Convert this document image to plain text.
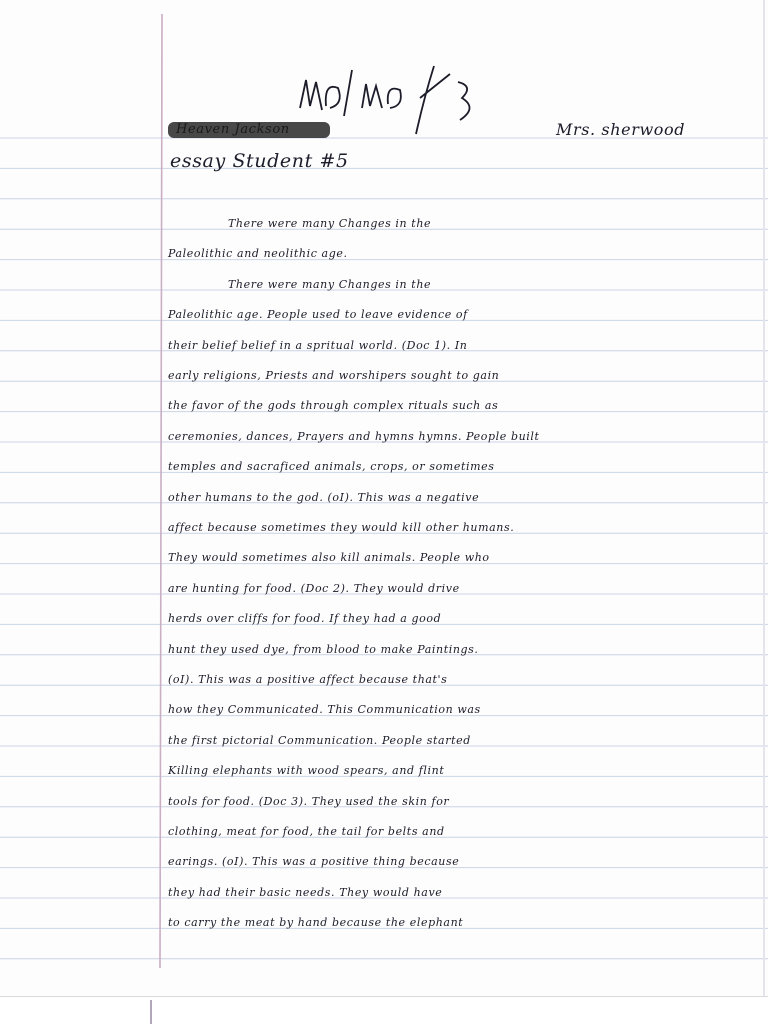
Mrs. sherwood
essay Student #5
There were many Changes in the
Paleolithic and neolithic age.
There were many Changes in the
Paleolithic age. People used to leave evidence of
their belief belief in a spritual world. (Doc 1). In
early religions, Priests and worshipers sought to gain
the favor of the gods through complex rituals such as
ceremonies, dances, Prayers and hymns hymns. People built
temples and sacraficed animals, crops, or sometimes
other humans to the god. (oI). This was a negative
affect because sometimes they would kill other humans.
They would sometimes also kill animals. People who
are hunting for food. (Doc 2). They would drive
herds over cliffs for food. If they had a good
hunt they used dye, from blood to make Paintings.
(oI). This was a positive affect because that's
how they Communicated. This Communication was
the first pictorial Communication. People started
Killing elephants with wood spears, and flint
tools for food. (Doc 3). They used the skin for
clothing, meat for food, the tail for belts and
earings. (oI). This was a positive thing because
they had their basic needs. They would have
to carry the meat by hand because the elephant
